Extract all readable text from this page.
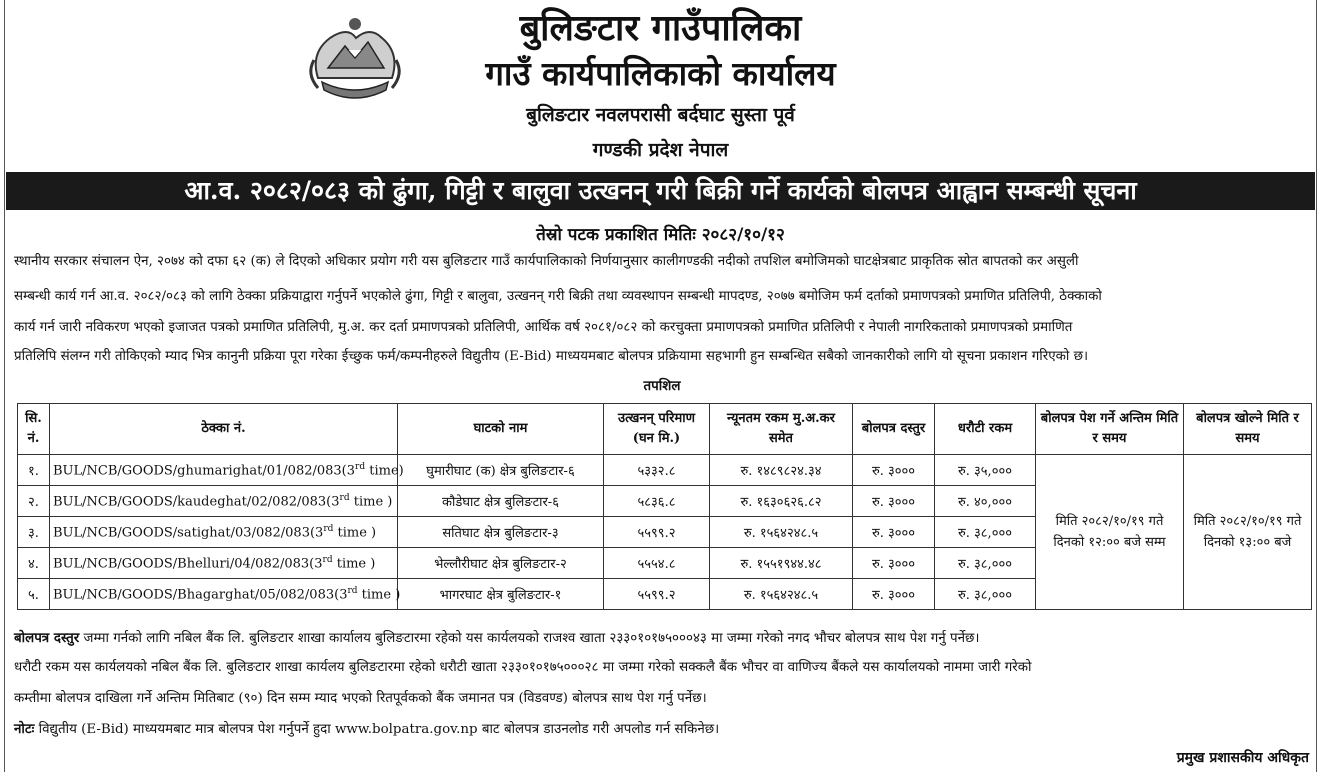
बुलिङटार गाउँपालिका
गाउँ कार्यपालिकाको कार्यालय
बुलिङटार नवलपरासी बर्दघाट सुस्ता पूर्व
गण्डकी प्रदेश नेपाल
आ.व. २०८२/०८३ को ढुंगा, गिट्टी र बालुवा उत्खनन् गरी बिक्री गर्ने कार्यको बोलपत्र आह्वान सम्बन्धी सूचना
तेस्रो पटक प्रकाशित मितिः २०८२/१०/१२
स्थानीय सरकार संचालन ऐन, २०७४ को दफा ६२ (क) ले दिएको अधिकार प्रयोग गरी यस बुलिङटार गाउँ कार्यपालिकाको निर्णयानुसार कालीगण्डकी नदीको तपशिल बमोजिमको घाटक्षेत्रबाट प्राकृतिक स्रोत बापतको कर असुली
सम्बन्धी कार्य गर्न आ.व. २०८२/०८३ को लागि ठेक्का प्रक्रियाद्वारा गर्नुपर्ने भएकोले ढुंगा, गिट्टी र बालुवा, उत्खनन् गरी बिक्री तथा व्यवस्थापन सम्बन्धी मापदण्ड, २०७७ बमोजिम फर्म दर्ताको प्रमाणपत्रको प्रमाणित प्रतिलिपी, ठेक्काको
कार्य गर्न जारी नविकरण भएको इजाजत पत्रको प्रमाणित प्रतिलिपी, मु.अ. कर दर्ता प्रमाणपत्रको प्रतिलिपी, आर्थिक वर्ष २०८१/०८२ को करचुक्ता प्रमाणपत्रको प्रमाणित प्रतिलिपी र नेपाली नागरिकताको प्रमाणपत्रको प्रमाणित
प्रतिलिपि संलग्न गरी तोकिएको म्याद भित्र कानुनी प्रक्रिया पूरा गरेका ईच्छुक फर्म/कम्पनीहरुले विद्युतीय (E-Bid) माध्ययमबाट बोलपत्र प्रक्रियामा सहभागी हुन सम्बन्धित सबैको जानकारीको लागि यो सूचना प्रकाशन गरिएको छ।
तपशिल
सि. नं.	ठेक्का नं.	घाटको नाम	उत्खनन् परिमाण (घन मि.)	न्यूनतम रकम मु.अ.कर समेत	बोलपत्र दस्तुर	धरौटी रकम	बोलपत्र पेश गर्ने अन्तिम मिति र समय	बोलपत्र खोल्ने मिति र समय
१.	BUL/NCB/GOODS/ghumarighat/01/082/083(3rd time)	घुमारीघाट (क) क्षेत्र बुलिङटार-६	५३३२.८	रु. १४८९८२४.३४	रु. ३०००	रु. ३५,०००	मिति २०८२/१०/१९ गते दिनको १२:०० बजे सम्म	मिति २०८२/१०/१९ गते दिनको १३:०० बजे
२.	BUL/NCB/GOODS/kaudeghat/02/082/083(3rd time )	कौडेघाट क्षेत्र बुलिङटार-६	५८३६.८	रु. १६३०६२६.८२	रु. ३०००	रु. ४०,०००		
३.	BUL/NCB/GOODS/satighat/03/082/083(3rd time )	सतिघाट क्षेत्र बुलिङटार-३	५५९९.२	रु. १५६४२४८.५	रु. ३०००	रु. ३८,०००		
४.	BUL/NCB/GOODS/Bhelluri/04/082/083(3rd time )	भेल्लौरीघाट क्षेत्र बुलिङटार-२	५५५४.८	रु. १५५१९४४.४८	रु. ३०००	रु. ३८,०००		
५.	BUL/NCB/GOODS/Bhagarghat/05/082/083(3rd time )	भागरघाट क्षेत्र बुलिङटार-१	५५९९.२	रु. १५६४२४८.५	रु. ३०००	रु. ३८,०००		
बोलपत्र दस्तुर जम्मा गर्नको लागि नबिल बैंक लि. बुलिङटार शाखा कार्यालय बुलिङटारमा रहेको यस कार्यलयको राजश्व खाता २३३०१०१७५०००४३ मा जम्मा गरेको नगद भौचर बोलपत्र साथ पेश गर्नु पर्नेछ।
धरौटी रकम यस कार्यलयको नबिल बैंक लि. बुलिङटार शाखा कार्यलय बुलिङटारमा रहेको धरौटी खाता २३३०१०१७५०००२८ मा जम्मा गरेको सक्कलै बैंक भौचर वा वाणिज्य बैंकले यस कार्यालयको नाममा जारी गरेको
कम्तीमा बोलपत्र दाखिला गर्ने अन्तिम मितिबाट (९०) दिन सम्म म्याद भएको रितपूर्वकको बैंक जमानत पत्र (विडवण्ड) बोलपत्र साथ पेश गर्नु पर्नेछ।
नोटः विद्युतीय (E-Bid) माध्ययमबाट मात्र बोलपत्र पेश गर्नुपर्ने हुदा www.bolpatra.gov.np बाट बोलपत्र डाउनलोड गरी अपलोड गर्न सकिनेछ।
प्रमुख प्रशासकीय अधिकृत
